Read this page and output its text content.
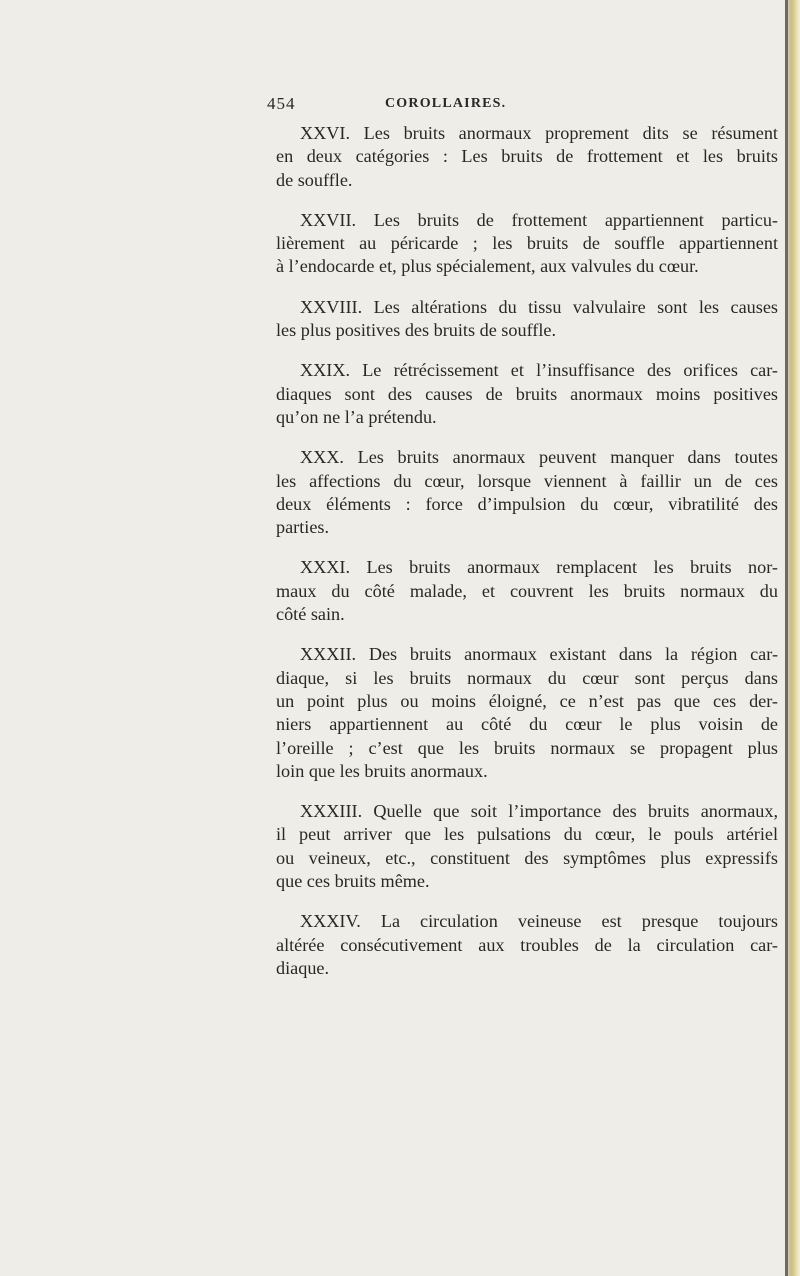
454	COROLLAIRES.

XXVI. Les bruits anormaux proprement dits se résument
en deux catégories : Les bruits de frottement et les bruits
de souffle.

XXVII. Les bruits de frottement appartiennent particu-
lièrement au péricarde ; les bruits de souffle appartiennent
à l’endocarde et, plus spécialement, aux valvules du cœur.

XXVIII. Les altérations du tissu valvulaire sont les causes
les plus positives des bruits de souffle.

XXIX. Le rétrécissement et l’insuffisance des orifices car-
diaques sont des causes de bruits anormaux moins positives
qu’on ne l’a prétendu.

XXX. Les bruits anormaux peuvent manquer dans toutes
les affections du cœur, lorsque viennent à faillir un de ces
deux éléments : force d’impulsion du cœur, vibratilité des
parties.

XXXI. Les bruits anormaux remplacent les bruits nor-
maux du côté malade, et couvrent les bruits normaux du
côté sain.

XXXII. Des bruits anormaux existant dans la région car-
diaque, si les bruits normaux du cœur sont perçus dans
un point plus ou moins éloigné, ce n’est pas que ces der-
niers appartiennent au côté du cœur le plus voisin de
l’oreille ; c’est que les bruits normaux se propagent plus
loin que les bruits anormaux.

XXXIII. Quelle que soit l’importance des bruits anormaux,
il peut arriver que les pulsations du cœur, le pouls artériel
ou veineux, etc., constituent des symptômes plus expressifs
que ces bruits même.

XXXIV. La circulation veineuse est presque toujours
altérée consécutivement aux troubles de la circulation car-
diaque.
